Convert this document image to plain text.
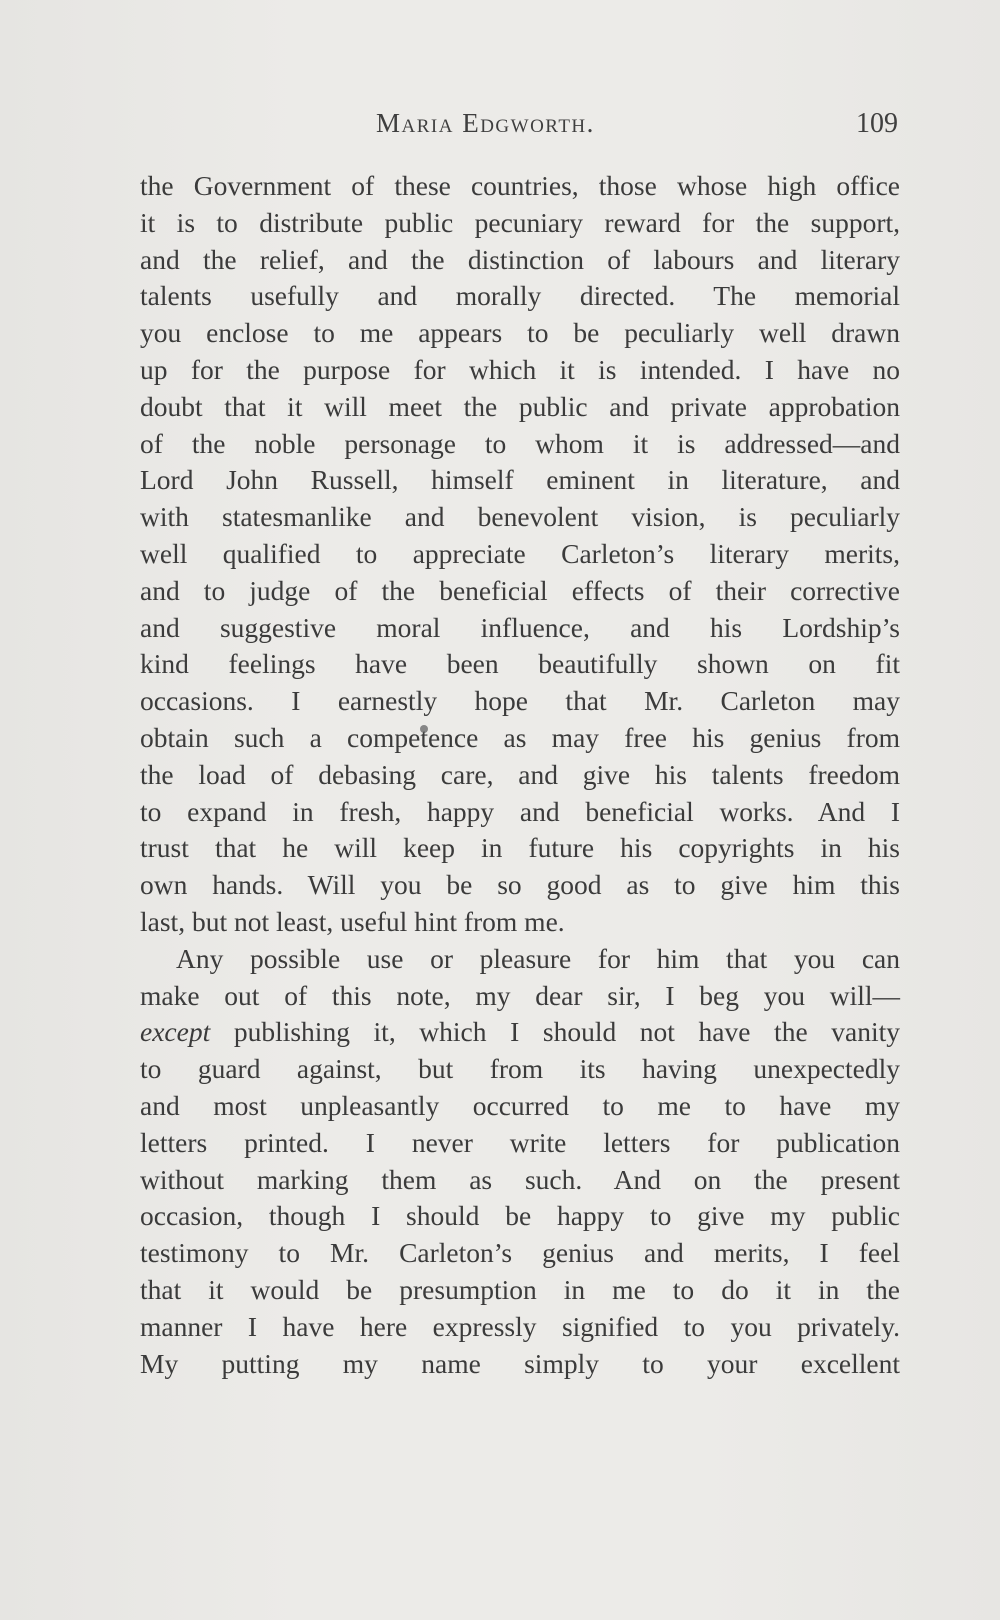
Maria Edgworth.	109
the Government of these countries, those whose high office
it is to distribute public pecuniary reward for the support,
and the relief, and the distinction of labours and literary
talents usefully and morally directed. The memorial
you enclose to me appears to be peculiarly well drawn
up for the purpose for which it is intended. I have no
doubt that it will meet the public and private approbation
of the noble personage to whom it is addressed—and
Lord John Russell, himself eminent in literature, and
with statesmanlike and benevolent vision, is peculiarly
well qualified to appreciate Carleton’s literary merits,
and to judge of the beneficial effects of their corrective
and suggestive moral influence, and his Lordship’s
kind feelings have been beautifully shown on fit
occasions. I earnestly hope that Mr. Carleton may
obtain such a competence as may free his genius from
the load of debasing care, and give his talents freedom
to expand in fresh, happy and beneficial works. And I
trust that he will keep in future his copyrights in his
own hands. Will you be so good as to give him this
last, but not least, useful hint from me.
Any possible use or pleasure for him that you can
make out of this note, my dear sir, I beg you will—
except publishing it, which I should not have the vanity
to guard against, but from its having unexpectedly
and most unpleasantly occurred to me to have my
letters printed. I never write letters for publication
without marking them as such. And on the present
occasion, though I should be happy to give my public
testimony to Mr. Carleton’s genius and merits, I feel
that it would be presumption in me to do it in the
manner I have here expressly signified to you privately.
My putting my name simply to your excellent
